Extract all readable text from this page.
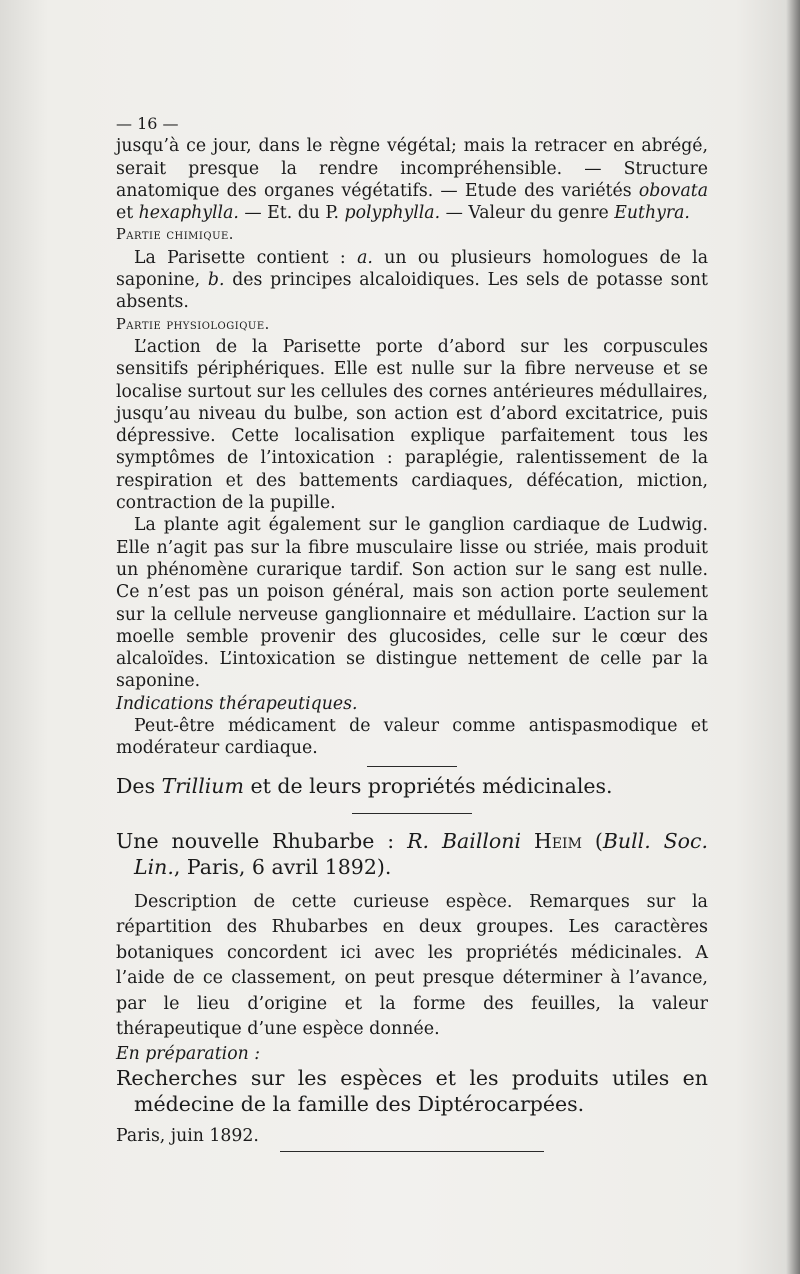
— 16 —

jusqu’à ce jour, dans le règne végétal; mais la retracer en abrégé, serait presque la rendre incompréhensible. — Structure anatomique des organes végétatifs. — Etude des variétés obovata et hexaphylla. — Et. du P. polyphylla. — Valeur du genre Euthyra.

Partie chimique.

La Parisette contient : a. un ou plusieurs homologues de la saponine, b. des principes alcaloidiques. Les sels de potasse sont absents.

Partie physiologique.

L’action de la Parisette porte d’abord sur les corpuscules sensitifs périphériques. Elle est nulle sur la fibre nerveuse et se localise surtout sur les cellules des cornes antérieures médullaires, jusqu’au niveau du bulbe, son action est d’abord excitatrice, puis dépressive. Cette localisation explique parfaitement tous les symptômes de l’intoxication : paraplégie, ralentissement de la respiration et des battements cardiaques, défécation, miction, contraction de la pupille.

La plante agit également sur le ganglion cardiaque de Ludwig. Elle n’agit pas sur la fibre musculaire lisse ou striée, mais produit un phénomène curarique tardif. Son action sur le sang est nulle. Ce n’est pas un poison général, mais son action porte seulement sur la cellule nerveuse ganglionnaire et médullaire. L’action sur la moelle semble provenir des glucosides, celle sur le cœur des alcaloïdes. L’intoxication se distingue nettement de celle par la saponine.

Indications thérapeutiques.

Peut-être médicament de valeur comme antispasmodique et modérateur cardiaque.

Des Trillium et de leurs propriétés médicinales.

Une nouvelle Rhubarbe : R. Bailloni Heim (Bull. Soc. Lin., Paris, 6 avril 1892).

Description de cette curieuse espèce. Remarques sur la répartition des Rhubarbes en deux groupes. Les caractères botaniques concordent ici avec les propriétés médicinales. A l’aide de ce classement, on peut presque déterminer à l’avance, par le lieu d’origine et la forme des feuilles, la valeur thérapeutique d’une espèce donnée.

En préparation :

Recherches sur les espèces et les produits utiles en médecine de la famille des Diptérocarpées.

Paris, juin 1892.
